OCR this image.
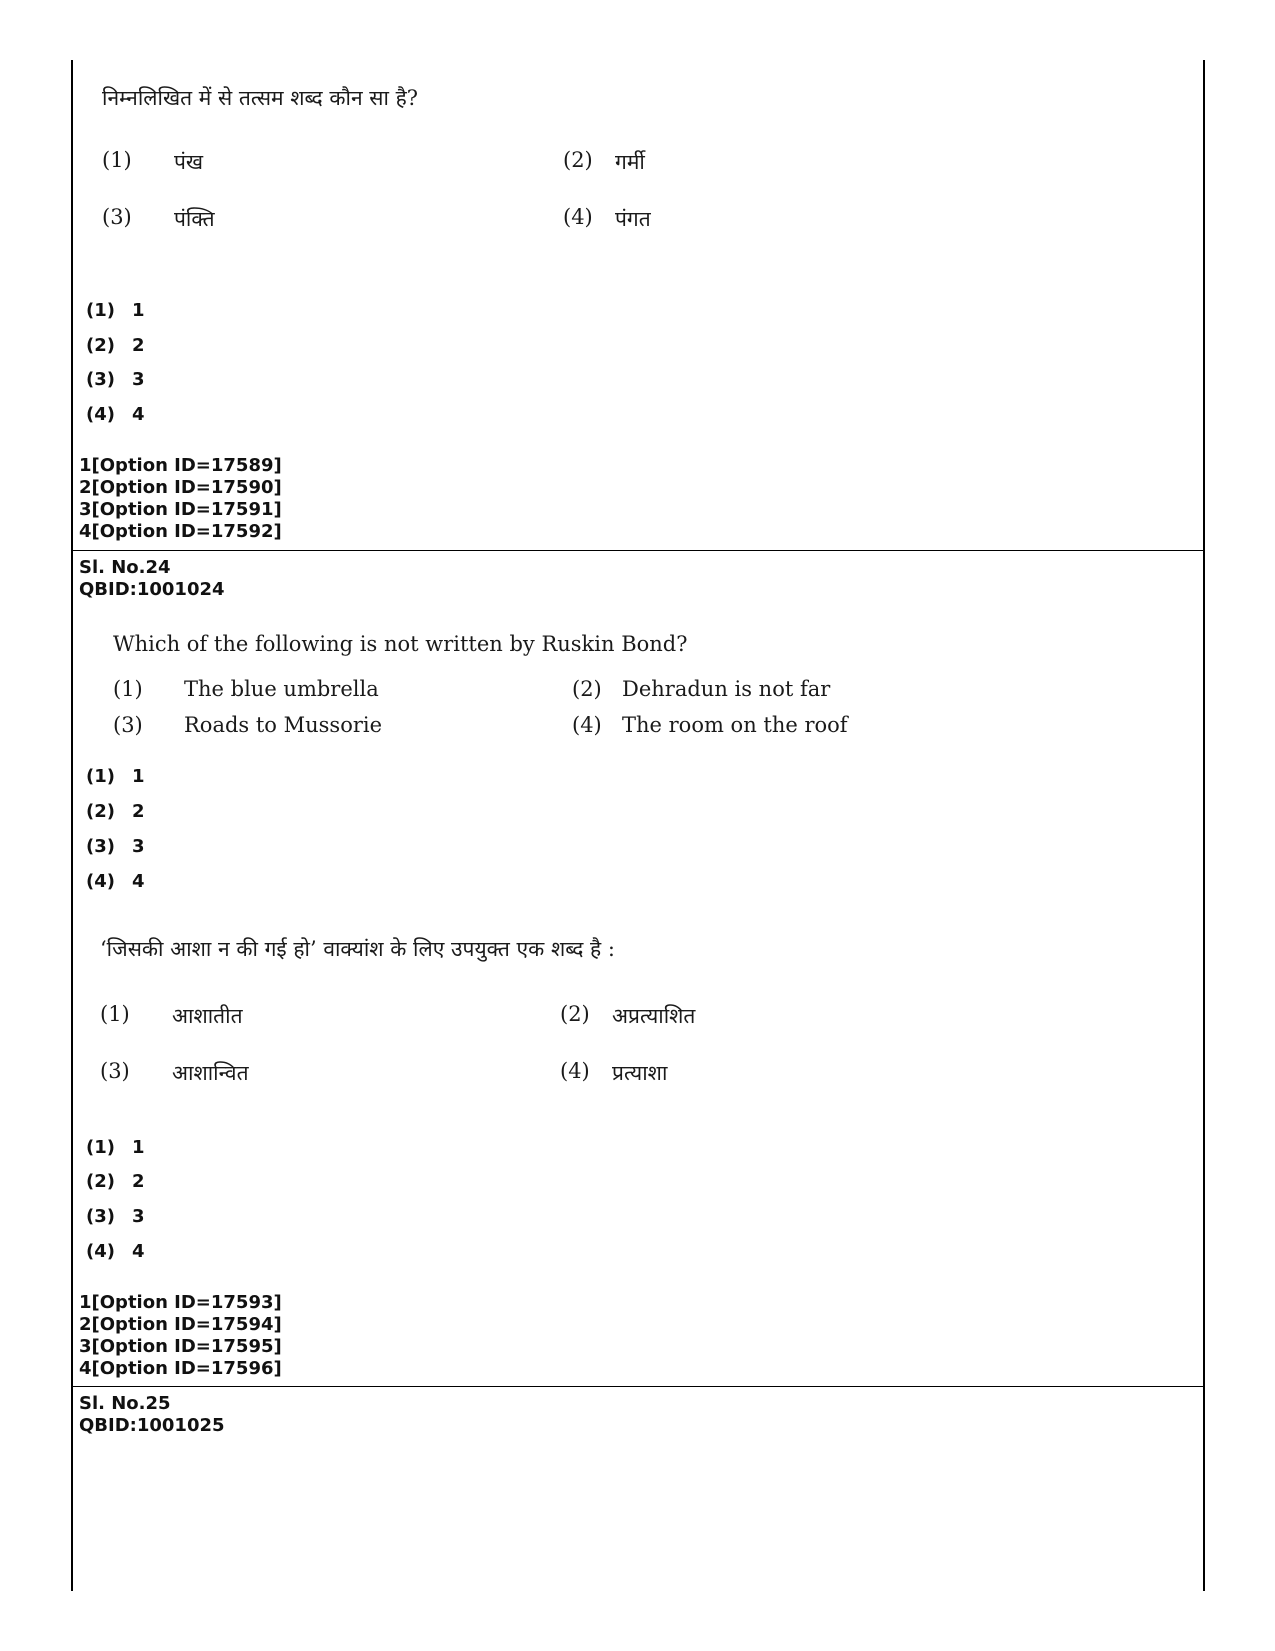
निम्नलिखित में से तत्सम शब्द कौन सा है?
(1)	पंख	(2)	गर्मी
(3)	पंक्ति	(4)	पंगत
(1) 1
(2) 2
(3) 3
(4) 4
1[Option ID=17589]
2[Option ID=17590]
3[Option ID=17591]
4[Option ID=17592]
Sl. No.24
QBID:1001024
Which of the following is not written by Ruskin Bond?
(1)	The blue umbrella	(2) Dehradun is not far
(3)	Roads to Mussorie	(4) The room on the roof
(1) 1
(2) 2
(3) 3
(4) 4
‘जिसकी आशा न की गई हो’ वाक्यांश के लिए उपयुक्त एक शब्द है :
(1)	आशातीत	(2)	अप्रत्याशित
(3)	आशान्वित	(4)	प्रत्याशा
(1) 1
(2) 2
(3) 3
(4) 4
1[Option ID=17593]
2[Option ID=17594]
3[Option ID=17595]
4[Option ID=17596]
Sl. No.25
QBID:1001025
